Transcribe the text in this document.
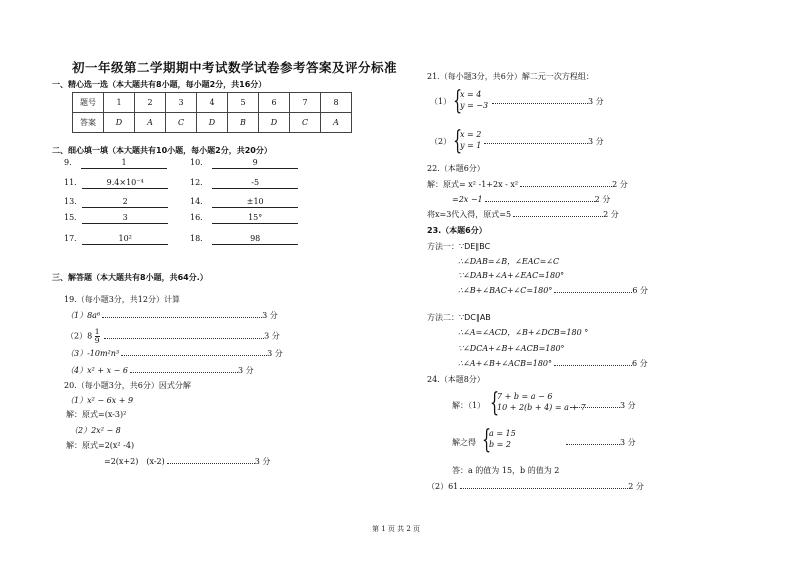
初一年级第二学期期中考试数学试卷参考答案及评分标准
一、精心选一选（本大题共有8小题，每小题2分，共16分）
题号	1	2	3	4	5	6	7	8
答案	D	A	C	D	B	D	C	A
二、细心填一填（本大题共有10小题，每小题2分，共20分）
9．	1	10．	9
11．	9.4×10⁻⁴	12．	-5
13．	2	14．	±10
15．	3	16．	15°
17．	10²	18．	98
三、解答题（本大题共有8小题，共64分.）
19.（每小题3分，共12分）计算
（1）8a⁶	3 分
$(2)8 \frac{1}{9}$	3 分
（3）-10m²n³	3 分
（4）x² + x − 6	3 分
20.（每小题3分，共6分）因式分解
（1）x² − 6x + 9
解：原式=(x-3)²
（2）2x² − 8
解：原式=2(x² -4)
=2(x+2)　(x-2)	3 分
21.（每小题3分，共6分）解二元一次方程组：
（1） {
x = 4
y = −3	3 分
（2） {
x = 2
y = 1	3 分
22.（本题6分）
解：原式= x² -1+2x - x²	2 分
=2x −1	2 分
将x=3代入得，原式=5	2 分
23.（本题6分）
方法一：∵DE∥BC
∴∠DAB=∠B，∠EAC=∠C
∵∠DAB+∠A+∠EAC=180°
∴∠B+∠BAC+∠C=180°	6 分
方法二：∵DC∥AB
∴∠A=∠ACD，∠B+∠DCB=180 °
∵∠DCA+∠B+∠ACB=180°
∴∠A+∠B+∠ACB=180°	6 分
24.（本题8分）
解：（1） {
7 + b = a − 6
10 + 2(b + 4) = a + 7	3 分
解之得 {
a = 15
b = 2	3 分
答：a 的值为 15，b 的值为 2
（2）61	2 分
第 1 页 共 2 页
